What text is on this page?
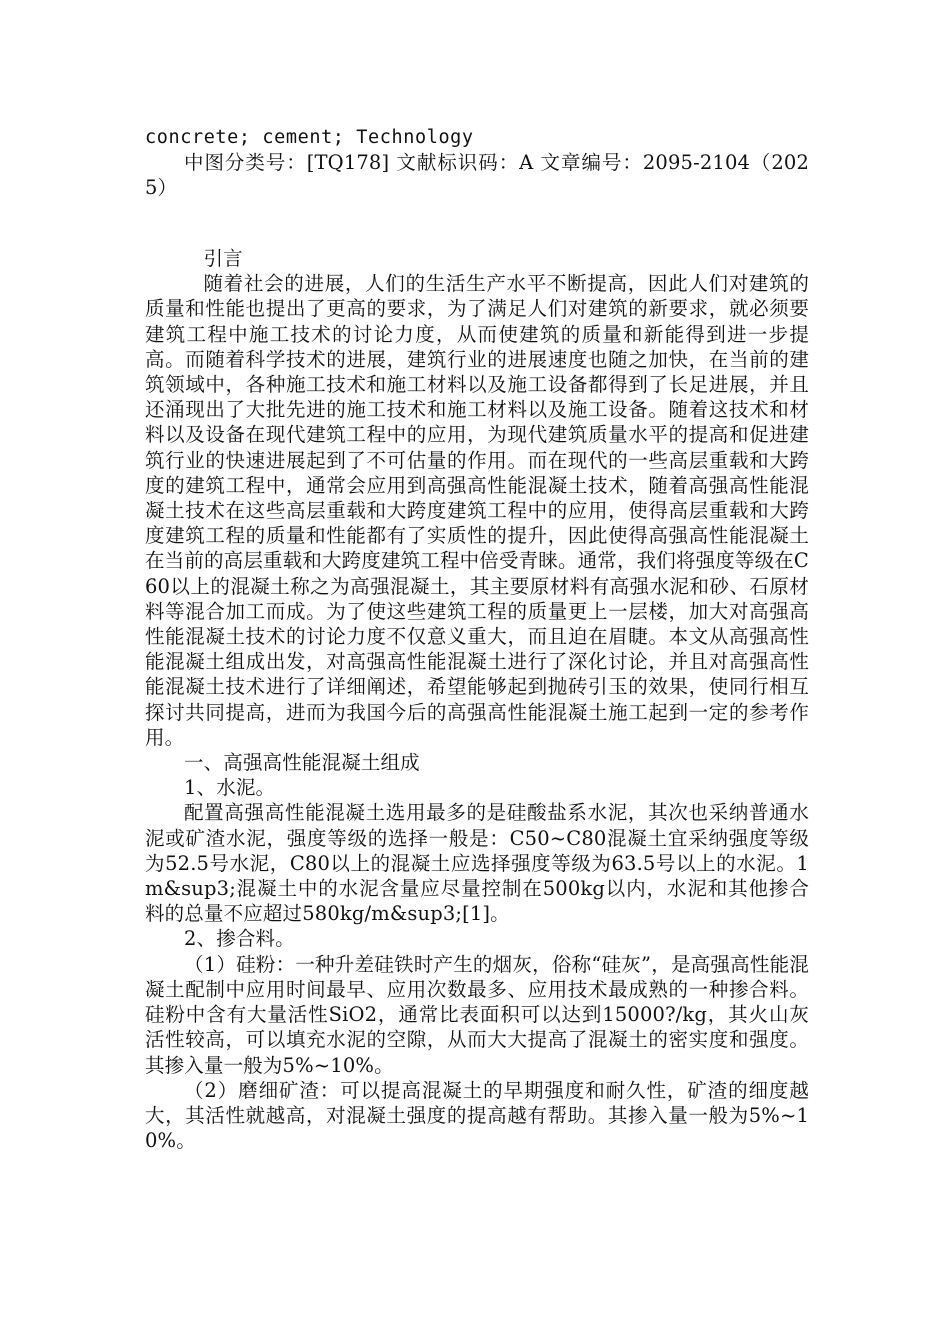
concrete; cement; Technology

中图分类号：[TQ178] 文献标识码：A 文章编号：2095-2104（2025）

引言

随着社会的进展，人们的生活生产水平不断提高，因此人们对建筑的质量和性能也提出了更高的要求，为了满足人们对建筑的新要求，就必须要建筑工程中施工技术的讨论力度，从而使建筑的质量和新能得到进一步提高。而随着科学技术的进展，建筑行业的进展速度也随之加快，在当前的建筑领域中，各种施工技术和施工材料以及施工设备都得到了长足进展，并且还涌现出了大批先进的施工技术和施工材料以及施工设备。随着这技术和材料以及设备在现代建筑工程中的应用，为现代建筑质量水平的提高和促进建筑行业的快速进展起到了不可估量的作用。而在现代的一些高层重载和大跨度的建筑工程中，通常会应用到高强高性能混凝土技术，随着高强高性能混凝土技术在这些高层重载和大跨度建筑工程中的应用，使得高层重载和大跨度建筑工程的质量和性能都有了实质性的提升，因此使得高强高性能混凝土在当前的高层重载和大跨度建筑工程中倍受青睐。通常，我们将强度等级在C60以上的混凝土称之为高强混凝土，其主要原材料有高强水泥和砂、石原材料等混合加工而成。为了使这些建筑工程的质量更上一层楼，加大对高强高性能混凝土技术的讨论力度不仅意义重大，而且迫在眉睫。本文从高强高性能混凝土组成出发，对高强高性能混凝土进行了深化讨论，并且对高强高性能混凝土技术进行了详细阐述，希望能够起到抛砖引玉的效果，使同行相互探讨共同提高，进而为我国今后的高强高性能混凝土施工起到一定的参考作用。

一、高强高性能混凝土组成

1、水泥。

配置高强高性能混凝土选用最多的是硅酸盐系水泥，其次也采纳普通水泥或矿渣水泥，强度等级的选择一般是：C50~C80混凝土宜采纳强度等级为52.5号水泥，C80以上的混凝土应选择强度等级为63.5号以上的水泥。1m&sup3;混凝土中的水泥含量应尽量控制在500kg以内，水泥和其他掺合料的总量不应超过580kg/m&sup3;[1]。

2、掺合料。

（1）硅粉：一种升差硅铁时产生的烟灰，俗称“硅灰”，是高强高性能混凝土配制中应用时间最早、应用次数最多、应用技术最成熟的一种掺合料。硅粉中含有大量活性SiO2，通常比表面积可以达到15000?/kg，其火山灰活性较高，可以填充水泥的空隙，从而大大提高了混凝土的密实度和强度。其掺入量一般为5%~10%。

（2）磨细矿渣：可以提高混凝土的早期强度和耐久性，矿渣的细度越大，其活性就越高，对混凝土强度的提高越有帮助。其掺入量一般为5%~10%。
